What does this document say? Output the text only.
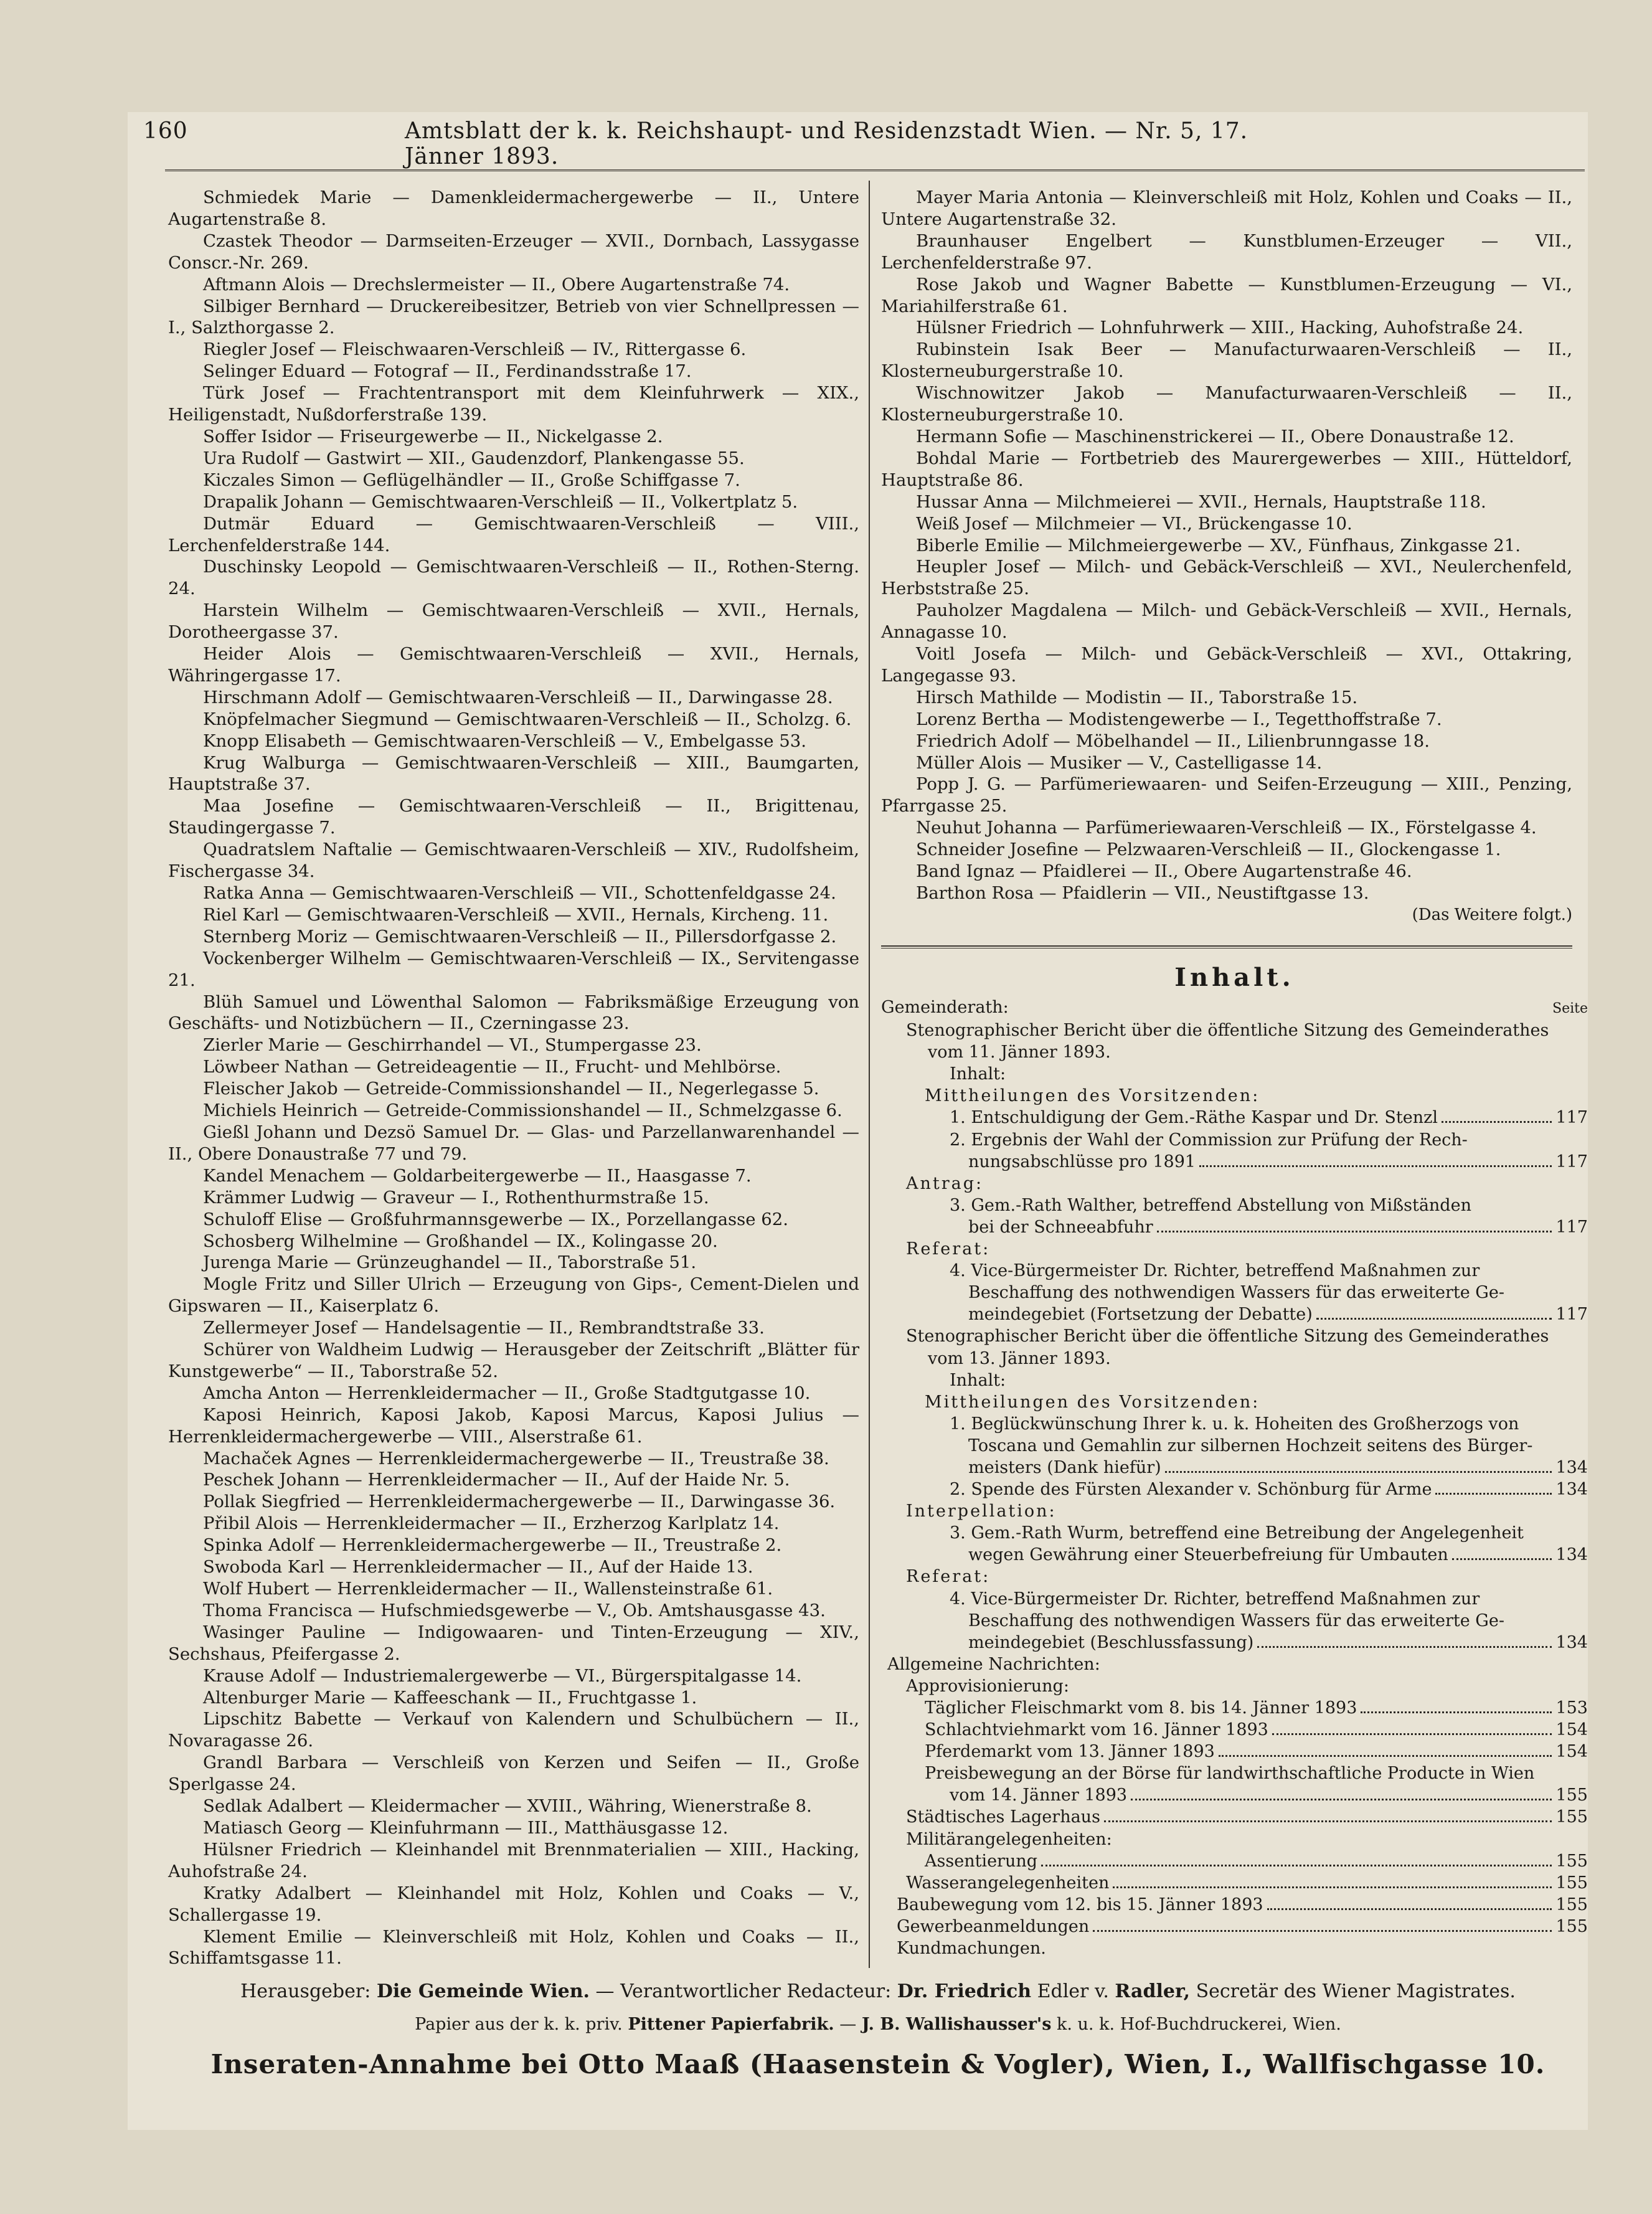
160	Amtsblatt der k. k. Reichshaupt- und Residenzstadt Wien. — Nr. 5, 17. Jänner 1893.

Schmiedek Marie — Damenkleidermachergewerbe — II., Untere Augartenstraße 8.

Czastek Theodor — Darmseiten-Erzeuger — XVII., Dornbach, Lassygasse Conscr.-Nr. 269.

Aftmann Alois — Drechslermeister — II., Obere Augartenstraße 74.

Silbiger Bernhard — Druckereibesitzer, Betrieb von vier Schnellpressen — I., Salzthorgasse 2.

Riegler Josef — Fleischwaaren-Verschleiß — IV., Rittergasse 6.

Selinger Eduard — Fotograf — II., Ferdinandsstraße 17.

Türk Josef — Frachtentransport mit dem Kleinfuhrwerk — XIX., Heiligenstadt, Nußdorferstraße 139.

Soffer Isidor — Friseurgewerbe — II., Nickelgasse 2.

Ura Rudolf — Gastwirt — XII., Gaudenzdorf, Plankengasse 55.

Kiczales Simon — Geflügelhändler — II., Große Schiffgasse 7.

Drapalik Johann — Gemischtwaaren-Verschleiß — II., Volkertplatz 5.

Dutmär Eduard — Gemischtwaaren-Verschleiß — VIII., Lerchenfelderstraße 144.

Duschinsky Leopold — Gemischtwaaren-Verschleiß — II., Rothen-Sterng. 24.

Harstein Wilhelm — Gemischtwaaren-Verschleiß — XVII., Hernals, Dorotheergasse 37.

Heider Alois — Gemischtwaaren-Verschleiß — XVII., Hernals, Währingergasse 17.

Hirschmann Adolf — Gemischtwaaren-Verschleiß — II., Darwingasse 28.

Knöpfelmacher Siegmund — Gemischtwaaren-Verschleiß — II., Scholzg. 6.

Knopp Elisabeth — Gemischtwaaren-Verschleiß — V., Embelgasse 53.

Krug Walburga — Gemischtwaaren-Verschleiß — XIII., Baumgarten, Hauptstraße 37.

Maa Josefine — Gemischtwaaren-Verschleiß — II., Brigittenau, Staudingergasse 7.

Quadratslem Naftalie — Gemischtwaaren-Verschleiß — XIV., Rudolfsheim, Fischergasse 34.

Ratka Anna — Gemischtwaaren-Verschleiß — VII., Schottenfeldgasse 24.

Riel Karl — Gemischtwaaren-Verschleiß — XVII., Hernals, Kircheng. 11.

Sternberg Moriz — Gemischtwaaren-Verschleiß — II., Pillersdorfgasse 2.

Vockenberger Wilhelm — Gemischtwaaren-Verschleiß — IX., Servitengasse 21.

Blüh Samuel und Löwenthal Salomon — Fabriksmäßige Erzeugung von Geschäfts- und Notizbüchern — II., Czerningasse 23.

Zierler Marie — Geschirrhandel — VI., Stumpergasse 23.

Löwbeer Nathan — Getreideagentie — II., Frucht- und Mehlbörse.

Fleischer Jakob — Getreide-Commissionshandel — II., Negerlegasse 5.

Michiels Heinrich — Getreide-Commissionshandel — II., Schmelzgasse 6.

Gießl Johann und Dezsö Samuel Dr. — Glas- und Parzellanwarenhandel — II., Obere Donaustraße 77 und 79.

Kandel Menachem — Goldarbeitergewerbe — II., Haasgasse 7.

Krämmer Ludwig — Graveur — I., Rothenthurmstraße 15.

Schuloff Elise — Großfuhrmannsgewerbe — IX., Porzellangasse 62.

Schosberg Wilhelmine — Großhandel — IX., Kolingasse 20.

Jurenga Marie — Grünzeughandel — II., Taborstraße 51.

Mogle Fritz und Siller Ulrich — Erzeugung von Gips-, Cement-Dielen und Gipswaren — II., Kaiserplatz 6.

Zellermeyer Josef — Handelsagentie — II., Rembrandtstraße 33.

Schürer von Waldheim Ludwig — Herausgeber der Zeitschrift „Blätter für Kunstgewerbe“ — II., Taborstraße 52.

Amcha Anton — Herrenkleidermacher — II., Große Stadtgutgasse 10.

Kaposi Heinrich, Kaposi Jakob, Kaposi Marcus, Kaposi Julius — Herrenkleidermachergewerbe — VIII., Alserstraße 61.

Machaček Agnes — Herrenkleidermachergewerbe — II., Treustraße 38.

Peschek Johann — Herrenkleidermacher — II., Auf der Haide Nr. 5.

Pollak Siegfried — Herrenkleidermachergewerbe — II., Darwingasse 36.

Přibil Alois — Herrenkleidermacher — II., Erzherzog Karlplatz 14.

Spinka Adolf — Herrenkleidermachergewerbe — II., Treustraße 2.

Swoboda Karl — Herrenkleidermacher — II., Auf der Haide 13.

Wolf Hubert — Herrenkleidermacher — II., Wallensteinstraße 61.

Thoma Francisca — Hufschmiedsgewerbe — V., Ob. Amtshausgasse 43.

Wasinger Pauline — Indigowaaren- und Tinten-Erzeugung — XIV., Sechshaus, Pfeifergasse 2.

Krause Adolf — Industriemalergewerbe — VI., Bürgerspitalgasse 14.

Altenburger Marie — Kaffeeschank — II., Fruchtgasse 1.

Lipschitz Babette — Verkauf von Kalendern und Schulbüchern — II., Novaragasse 26.

Grandl Barbara — Verschleiß von Kerzen und Seifen — II., Große Sperlgasse 24.

Sedlak Adalbert — Kleidermacher — XVIII., Währing, Wienerstraße 8.

Matiasch Georg — Kleinfuhrmann — III., Matthäusgasse 12.

Hülsner Friedrich — Kleinhandel mit Brennmaterialien — XIII., Hacking, Auhofstraße 24.

Kratky Adalbert — Kleinhandel mit Holz, Kohlen und Coaks — V., Schallergasse 19.

Klement Emilie — Kleinverschleiß mit Holz, Kohlen und Coaks — II., Schiffamtsgasse 11.

Mayer Maria Antonia — Kleinverschleiß mit Holz, Kohlen und Coaks — II., Untere Augartenstraße 32.

Braunhauser Engelbert — Kunstblumen-Erzeuger — VII., Lerchenfelderstraße 97.

Rose Jakob und Wagner Babette — Kunstblumen-Erzeugung — VI., Mariahilferstraße 61.

Hülsner Friedrich — Lohnfuhrwerk — XIII., Hacking, Auhofstraße 24.

Rubinstein Isak Beer — Manufacturwaaren-Verschleiß — II., Klosterneuburgerstraße 10.

Wischnowitzer Jakob — Manufacturwaaren-Verschleiß — II., Klosterneuburgerstraße 10.

Hermann Sofie — Maschinenstrickerei — II., Obere Donaustraße 12.

Bohdal Marie — Fortbetrieb des Maurergewerbes — XIII., Hütteldorf, Hauptstraße 86.

Hussar Anna — Milchmeierei — XVII., Hernals, Hauptstraße 118.

Weiß Josef — Milchmeier — VI., Brückengasse 10.

Biberle Emilie — Milchmeiergewerbe — XV., Fünfhaus, Zinkgasse 21.

Heupler Josef — Milch- und Gebäck-Verschleiß — XVI., Neulerchenfeld, Herbststraße 25.

Pauholzer Magdalena — Milch- und Gebäck-Verschleiß — XVII., Hernals, Annagasse 10.

Voitl Josefa — Milch- und Gebäck-Verschleiß — XVI., Ottakring, Langegasse 93.

Hirsch Mathilde — Modistin — II., Taborstraße 15.

Lorenz Bertha — Modistengewerbe — I., Tegetthoffstraße 7.

Friedrich Adolf — Möbelhandel — II., Lilienbrunngasse 18.

Müller Alois — Musiker — V., Castelligasse 14.

Popp J. G. — Parfümeriewaaren- und Seifen-Erzeugung — XIII., Penzing, Pfarrgasse 25.

Neuhut Johanna — Parfümeriewaaren-Verschleiß — IX., Förstelgasse 4.

Schneider Josefine — Pelzwaaren-Verschleiß — II., Glockengasse 1.

Band Ignaz — Pfaidlerei — II., Obere Augartenstraße 46.

Barthon Rosa — Pfaidlerin — VII., Neustiftgasse 13.

(Das Weitere folgt.)

Inhalt.
Gemeinderath:	Seite
Stenographischer Bericht über die öffentliche Sitzung des Gemeinderathes
vom 11. Jänner 1893.
Inhalt:
Mittheilungen des Vorsitzenden:
1. Entschuldigung der Gem.-Räthe Kaspar und Dr. Stenzl	117
2. Ergebnis der Wahl der Commission zur Prüfung der Rech-
nungsabschlüsse pro 1891	117
Antrag:
3. Gem.-Rath Walther, betreffend Abstellung von Mißständen
bei der Schneeabfuhr	117
Referat:
4. Vice-Bürgermeister Dr. Richter, betreffend Maßnahmen zur
Beschaffung des nothwendigen Wassers für das erweiterte Ge-
meindegebiet (Fortsetzung der Debatte)	117
Stenographischer Bericht über die öffentliche Sitzung des Gemeinderathes
vom 13. Jänner 1893.
Inhalt:
Mittheilungen des Vorsitzenden:
1. Beglückwünschung Ihrer k. u. k. Hoheiten des Großherzogs von
Toscana und Gemahlin zur silbernen Hochzeit seitens des Bürger-
meisters (Dank hiefür)	134
2. Spende des Fürsten Alexander v. Schönburg für Arme	134
Interpellation:
3. Gem.-Rath Wurm, betreffend eine Betreibung der Angelegenheit
wegen Gewährung einer Steuerbefreiung für Umbauten	134
Referat:
4. Vice-Bürgermeister Dr. Richter, betreffend Maßnahmen zur
Beschaffung des nothwendigen Wassers für das erweiterte Ge-
meindegebiet (Beschlussfassung)	134
Allgemeine Nachrichten:
Approvisionierung:
Täglicher Fleischmarkt vom 8. bis 14. Jänner 1893	153
Schlachtviehmarkt vom 16. Jänner 1893	154
Pferdemarkt vom 13. Jänner 1893	154
Preisbewegung an der Börse für landwirthschaftliche Producte in Wien
vom 14. Jänner 1893	155
Städtisches Lagerhaus	155
Militärangelegenheiten:
Assentierung	155
Wasserangelegenheiten	155
Baubewegung vom 12. bis 15. Jänner 1893	155
Gewerbeanmeldungen	155
Kundmachungen.
Herausgeber: Die Gemeinde Wien. — Verantwortlicher Redacteur: Dr. Friedrich Edler v. Radler, Secretär des Wiener Magistrates.
Papier aus der k. k. priv. Pittener Papierfabrik. — J. B. Wallishausser's k. u. k. Hof-Buchdruckerei, Wien.
Inseraten-Annahme bei Otto Maaß (Haasenstein & Vogler), Wien, I., Wallfischgasse 10.
